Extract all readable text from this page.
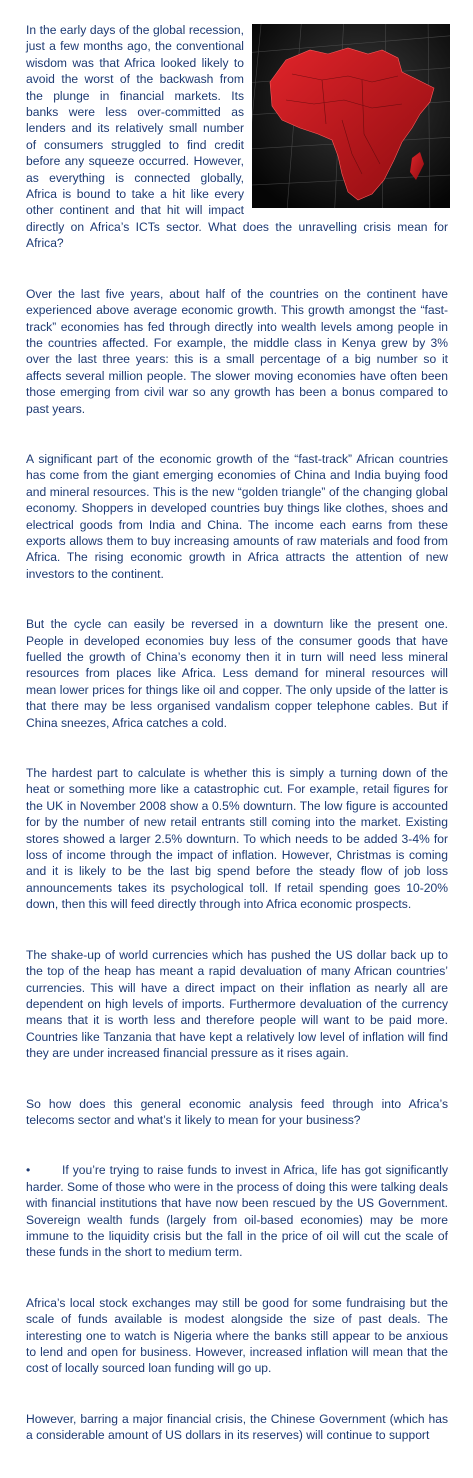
In the early days of the global recession, just a few months ago, the conventional wisdom was that Africa looked likely to avoid the worst of the backwash from the plunge in financial markets. Its banks were less over-committed as lenders and its relatively small number of consumers struggled to find credit before any squeeze occurred. However, as everything is connected globally, Africa is bound to take a hit like every other continent and that hit will impact directly on Africa’s ICTs sector. What does the unravelling crisis mean for Africa?

Over the last five years, about half of the countries on the continent have experienced above average economic growth. This growth amongst the “fast-track” economies has fed through directly into wealth levels among people in the countries affected. For example, the middle class in Kenya grew by 3% over the last three years: this is a small percentage of a big number so it affects several million people. The slower moving economies have often been those emerging from civil war so any growth has been a bonus compared to past years.

A significant part of the economic growth of the “fast-track” African countries has come from the giant emerging economies of China and India buying food and mineral resources. This is the new “golden triangle” of the changing global economy. Shoppers in developed countries buy things like clothes, shoes and electrical goods from India and China. The income each earns from these exports allows them to buy increasing amounts of raw materials and food from Africa. The rising economic growth in Africa attracts the attention of new investors to the continent.

But the cycle can easily be reversed in a downturn like the present one. People in developed economies buy less of the consumer goods that have fuelled the growth of China’s economy then it in turn will need less mineral resources from places like Africa. Less demand for mineral resources will mean lower prices for things like oil and copper. The only upside of the latter is that there may be less organised vandalism copper telephone cables. But if China sneezes, Africa catches a cold.

The hardest part to calculate is whether this is simply a turning down of the heat or something more like a catastrophic cut. For example, retail figures for the UK in November 2008 show a 0.5% downturn. The low figure is accounted for by the number of new retail entrants still coming into the market. Existing stores showed a larger 2.5% downturn. To which needs to be added 3-4% for loss of income through the impact of inflation. However, Christmas is coming and it is likely to be the last big spend before the steady flow of job loss announcements takes its psychological toll. If retail spending goes 10-20% down, then this will feed directly through into Africa economic prospects.

The shake-up of world currencies which has pushed the US dollar back up to the top of the heap has meant a rapid devaluation of many African countries’ currencies. This will have a direct impact on their inflation as nearly all are dependent on high levels of imports. Furthermore devaluation of the currency means that it is worth less and therefore people will want to be paid more. Countries like Tanzania that have kept a relatively low level of inflation will find they are under increased financial pressure as it rises again.

So how does this general economic analysis feed through into Africa’s telecoms sector and what’s it likely to mean for your business?

•	If you’re trying to raise funds to invest in Africa, life has got significantly harder. Some of those who were in the process of doing this were talking deals with financial institutions that have now been rescued by the US Government. Sovereign wealth funds (largely from oil-based economies) may be more immune to the liquidity crisis but the fall in the price of oil will cut the scale of these funds in the short to medium term.

Africa’s local stock exchanges may still be good for some fundraising but the scale of funds available is modest alongside the size of past deals. The interesting one to watch is Nigeria where the banks still appear to be anxious to lend and open for business. However, increased inflation will mean that the cost of locally sourced loan funding will go up.

However, barring a major financial crisis, the Chinese Government (which has a considerable amount of US dollars in its reserves) will continue to support
